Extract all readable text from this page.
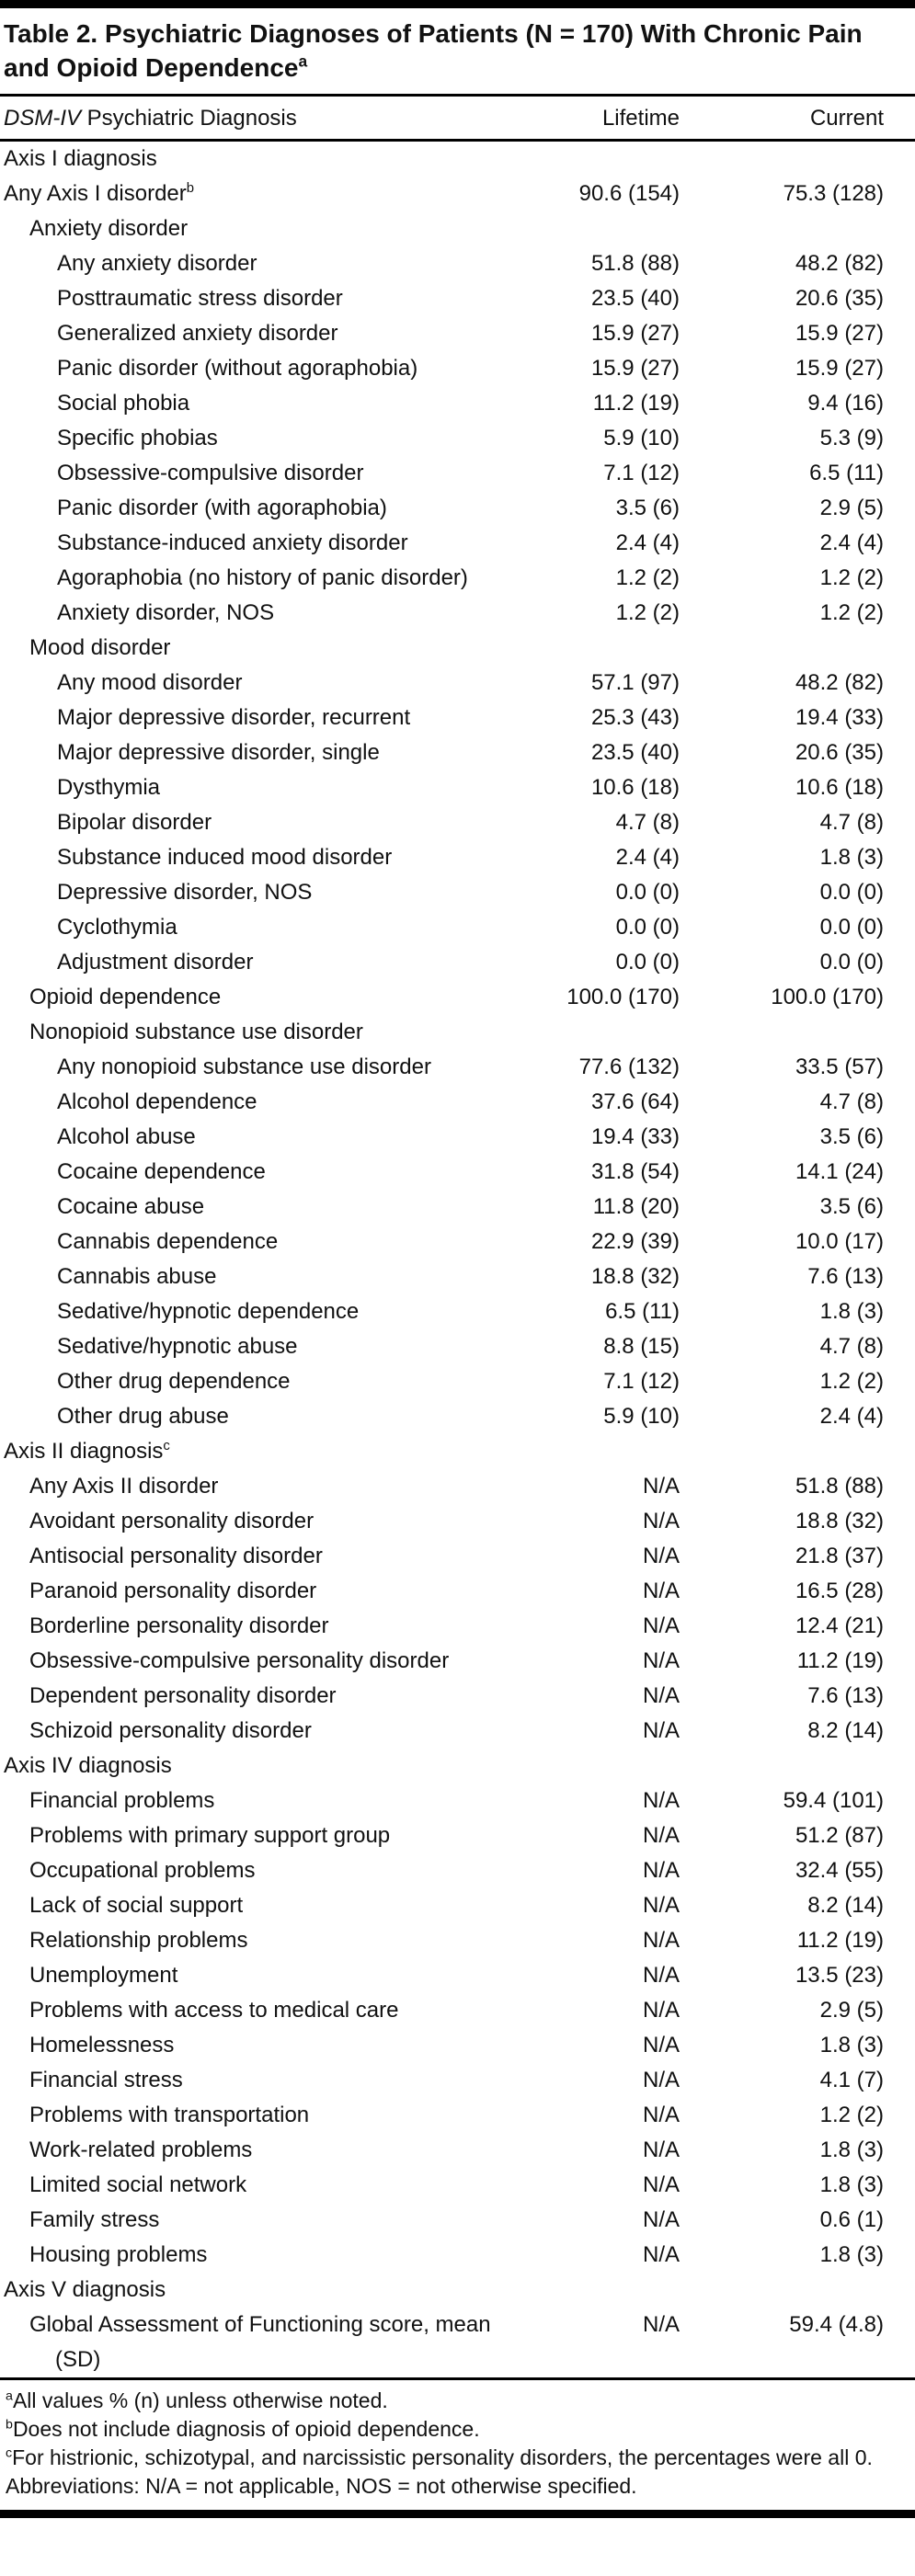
Table 2. Psychiatric Diagnoses of Patients (N = 170) With Chronic Pain and Opioid Dependence$^a$
DSM-IV Psychiatric Diagnosis	Lifetime	Current

Axis I diagnosis		

Any Axis I disorder$^b$	90.6 (154)	75.3 (128)

Anxiety disorder		

Any anxiety disorder	51.8 (88)	48.2 (82)

Posttraumatic stress disorder	23.5 (40)	20.6 (35)

Generalized anxiety disorder	15.9 (27)	15.9 (27)

Panic disorder (without agoraphobia)	15.9 (27)	15.9 (27)

Social phobia	11.2 (19)	9.4 (16)

Specific phobias	5.9 (10)	5.3 (9)

Obsessive-compulsive disorder	7.1 (12)	6.5 (11)

Panic disorder (with agoraphobia)	3.5 (6)	2.9 (5)

Substance-induced anxiety disorder	2.4 (4)	2.4 (4)

Agoraphobia (no history of panic disorder)	1.2 (2)	1.2 (2)

Anxiety disorder, NOS	1.2 (2)	1.2 (2)

Mood disorder		

Any mood disorder	57.1 (97)	48.2 (82)

Major depressive disorder, recurrent	25.3 (43)	19.4 (33)

Major depressive disorder, single	23.5 (40)	20.6 (35)

Dysthymia	10.6 (18)	10.6 (18)

Bipolar disorder	4.7 (8)	4.7 (8)

Substance induced mood disorder	2.4 (4)	1.8 (3)

Depressive disorder, NOS	0.0 (0)	0.0 (0)

Cyclothymia	0.0 (0)	0.0 (0)

Adjustment disorder	0.0 (0)	0.0 (0)

Opioid dependence	100.0 (170)	100.0 (170)

Nonopioid substance use disorder		

Any nonopioid substance use disorder	77.6 (132)	33.5 (57)

Alcohol dependence	37.6 (64)	4.7 (8)

Alcohol abuse	19.4 (33)	3.5 (6)

Cocaine dependence	31.8 (54)	14.1 (24)

Cocaine abuse	11.8 (20)	3.5 (6)

Cannabis dependence	22.9 (39)	10.0 (17)

Cannabis abuse	18.8 (32)	7.6 (13)

Sedative/hypnotic dependence	6.5 (11)	1.8 (3)

Sedative/hypnotic abuse	8.8 (15)	4.7 (8)

Other drug dependence	7.1 (12)	1.2 (2)

Other drug abuse	5.9 (10)	2.4 (4)

Axis II diagnosis$^c$

Any Axis II disorder	N/A	51.8 (88)

Avoidant personality disorder	N/A	18.8 (32)

Antisocial personality disorder	N/A	21.8 (37)

Paranoid personality disorder	N/A	16.5 (28)

Borderline personality disorder	N/A	12.4 (21)

Obsessive-compulsive personality disorder	N/A	11.2 (19)

Dependent personality disorder	N/A	7.6 (13)

Schizoid personality disorder	N/A	8.2 (14)

Axis IV diagnosis		

Financial problems	N/A	59.4 (101)

Problems with primary support group	N/A	51.2 (87)

Occupational problems	N/A	32.4 (55)

Lack of social support	N/A	8.2 (14)

Relationship problems	N/A	11.2 (19)

Unemployment	N/A	13.5 (23)

Problems with access to medical care	N/A	2.9 (5)

Homelessness	N/A	1.8 (3)

Financial stress	N/A	4.1 (7)

Problems with transportation	N/A	1.2 (2)

Work-related problems	N/A	1.8 (3)

Limited social network	N/A	1.8 (3)

Family stress	N/A	0.6 (1)

Housing problems	N/A	1.8 (3)

Axis V diagnosis		

Global Assessment of Functioning score, mean (SD)	N/A	59.4 (4.8)
$^a$All values % (n) unless otherwise noted.
$^b$Does not include diagnosis of opioid dependence.
$^c$For histrionic, schizotypal, and narcissistic personality disorders, the percentages were all 0.
Abbreviations: N/A = not applicable, NOS = not otherwise specified.
